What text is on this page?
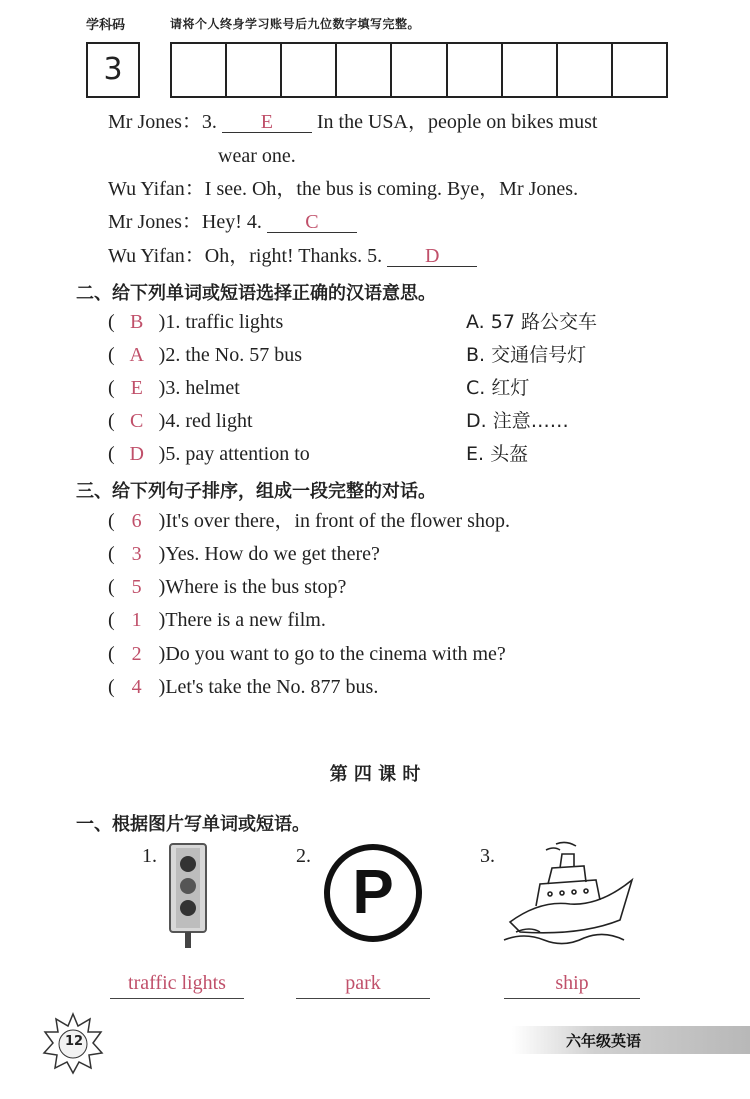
学科码	请将个人终身学习账号后九位数字填写完整。
3
Mr Jones：3. E In the USA，people on bikes must
wear one.
Wu Yifan：I see. Oh，the bus is coming. Bye，Mr Jones.
Mr Jones：Hey! 4. C
Wu Yifan：Oh，right! Thanks. 5. D
二、给下列单词或短语选择正确的汉语意思。
( B )1. traffic lights	A. 57 路公交车
( A )2. the No. 57 bus	B. 交通信号灯
( E )3. helmet	C. 红灯
( C )4. red light	D. 注意……
( D )5. pay attention to	E. 头盔
三、给下列句子排序，组成一段完整的对话。
( 6 )It's over there，in front of the flower shop.
( 3 )Yes. How do we get there?
( 5 )Where is the bus stop?
( 1 )There is a new film.
( 2 )Do you want to go to the cinema with me?
( 4 )Let's take the No. 877 bus.
第 四 课 时
一、根据图片写单词或短语。
1.
traffic lights
2.
P
park
3.
ship
12	六年级英语
